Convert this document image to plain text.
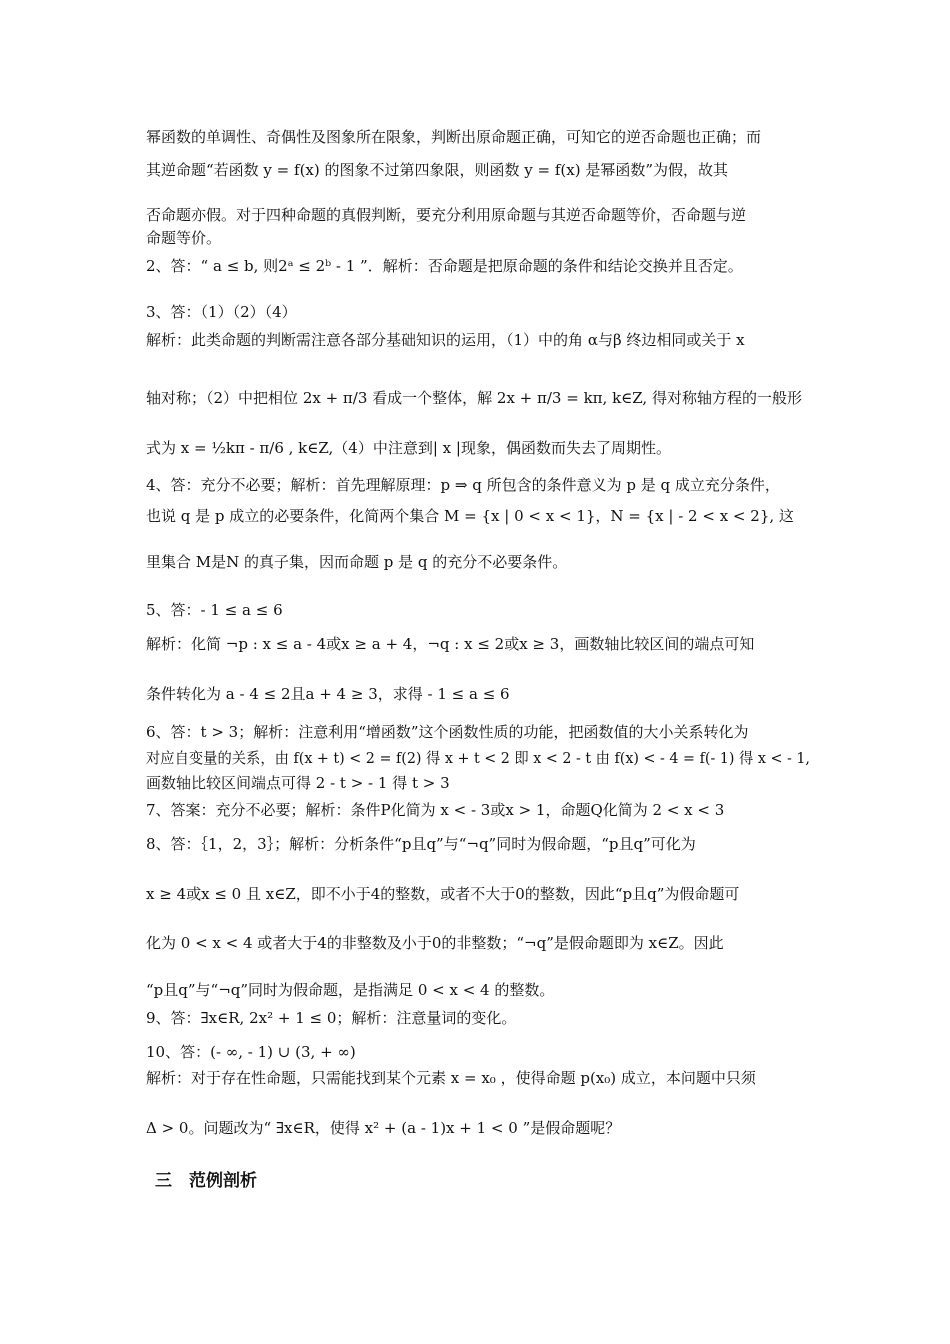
幂函数的单调性、奇偶性及图象所在限象，判断出原命题正确，可知它的逆否命题也正确；而
其逆命题“若函数 y = f(x) 的图象不过第四象限，则函数 y = f(x) 是幂函数”为假，故其
否命题亦假。对于四种命题的真假判断，要充分利用原命题与其逆否命题等价，否命题与逆
命题等价。
2、答：“ a ≤ b, 则2ᵃ ≤ 2ᵇ - 1 ”．解析：否命题是把原命题的条件和结论交换并且否定。
3、答：（1）（2）（4）
解析：此类命题的判断需注意各部分基础知识的运用，（1）中的角 α与β 终边相同或关于 x
轴对称；（2）中把相位 2x + π/3 看成一个整体，解 2x + π/3 = kπ, k∈Z, 得对称轴方程的一般形
式为 x = ½kπ - π/6 , k∈Z,（4）中注意到| x |现象，偶函数而失去了周期性。
4、答：充分不必要；解析：首先理解原理：p ⇒ q 所包含的条件意义为 p 是 q 成立充分条件，
也说 q 是 p 成立的必要条件，化简两个集合 M = {x | 0 < x < 1}，N = {x | - 2 < x < 2}, 这
里集合 M是N 的真子集，因而命题 p 是 q 的充分不必要条件。
5、答：- 1 ≤ a ≤ 6
解析：化简 ¬p : x ≤ a - 4或x ≥ a + 4，¬q : x ≤ 2或x ≥ 3，画数轴比较区间的端点可知
条件转化为 a - 4 ≤ 2且a + 4 ≥ 3，求得 - 1 ≤ a ≤ 6
6、答：t > 3；解析：注意利用“增函数”这个函数性质的功能，把函数值的大小关系转化为
对应自变量的关系，由 f(x + t) < 2 = f(2) 得 x + t < 2 即 x < 2 - t 由 f(x) < - 4 = f(- 1) 得 x < - 1,
画数轴比较区间端点可得 2 - t > - 1 得 t > 3
7、答案：充分不必要；解析：条件P化简为 x < - 3或x > 1，命题Q化简为 2 < x < 3
8、答：｛1，2，3｝；解析：分析条件“p且q”与“¬q”同时为假命题，“p且q”可化为
x ≥ 4或x ≤ 0 且 x∈Z，即不小于4的整数，或者不大于0的整数，因此“p且q”为假命题可
化为 0 < x < 4 或者大于4的非整数及小于0的非整数；“¬q”是假命题即为 x∈Z。因此
“p且q”与“¬q”同时为假命题，是指满足 0 < x < 4 的整数。
9、答：∃x∈R, 2x² + 1 ≤ 0；解析：注意量词的变化。
10、答：(- ∞, - 1) ∪ (3, + ∞)
解析：对于存在性命题，只需能找到某个元素 x = x₀ ，使得命题 p(x₀) 成立，本问题中只须
Δ > 0。问题改为“ ∃x∈R，使得 x² + (a - 1)x + 1 < 0 ”是假命题呢？
三　范例剖析
